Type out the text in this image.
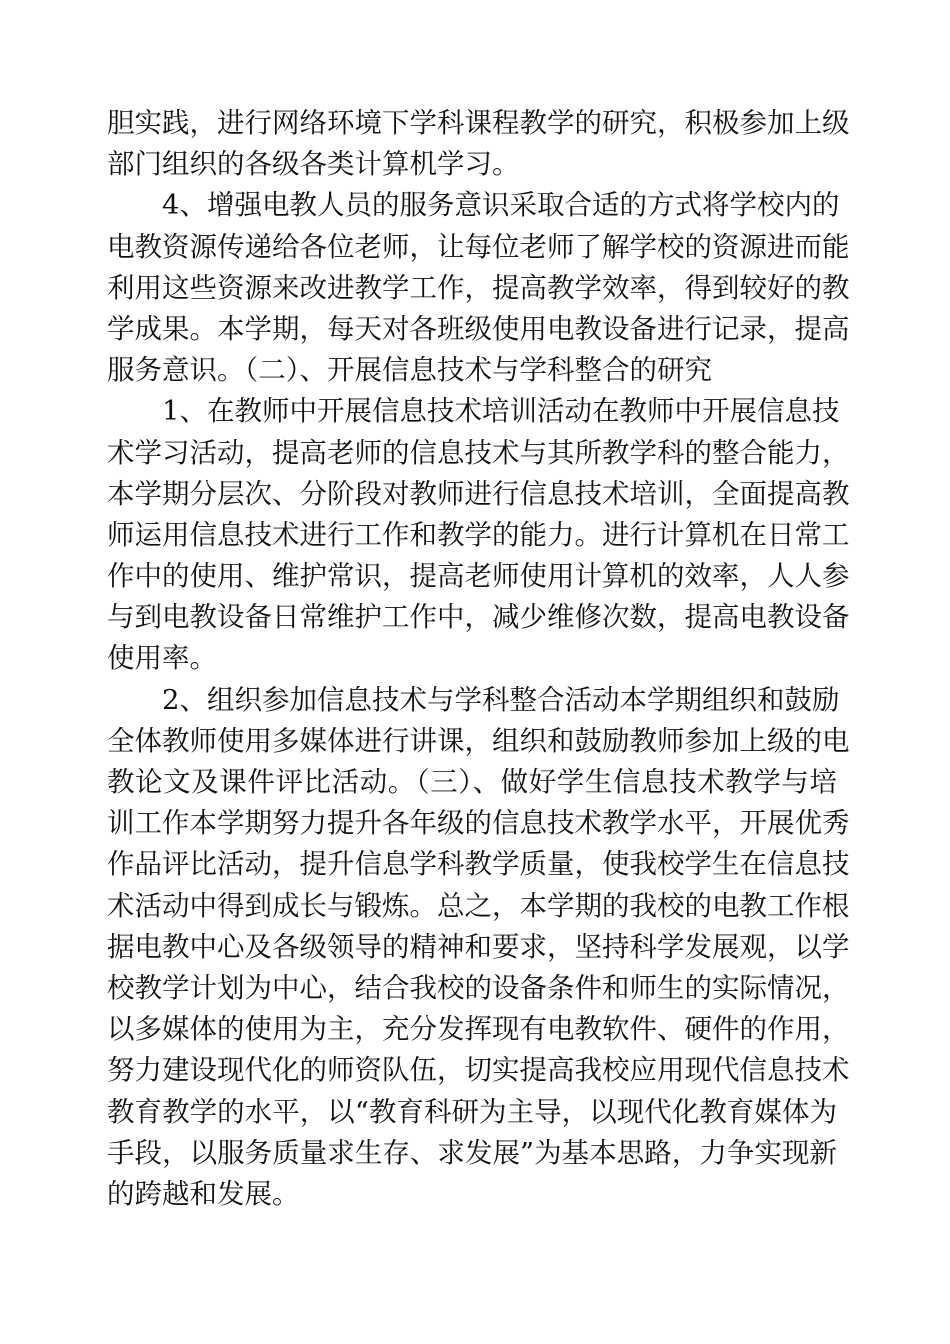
胆实践，进行网络环境下学科课程教学的研究，积极参加上级
部门组织的各级各类计算机学习。
4、增强电教人员的服务意识采取合适的方式将学校内的
电教资源传递给各位老师，让每位老师了解学校的资源进而能
利用这些资源来改进教学工作，提高教学效率，得到较好的教
学成果。本学期，每天对各班级使用电教设备进行记录，提高
服务意识。（二）、开展信息技术与学科整合的研究
1、在教师中开展信息技术培训活动在教师中开展信息技
术学习活动，提高老师的信息技术与其所教学科的整合能力，
本学期分层次、分阶段对教师进行信息技术培训，全面提高教
师运用信息技术进行工作和教学的能力。进行计算机在日常工
作中的使用、维护常识，提高老师使用计算机的效率，人人参
与到电教设备日常维护工作中，减少维修次数，提高电教设备
使用率。
2、组织参加信息技术与学科整合活动本学期组织和鼓励
全体教师使用多媒体进行讲课，组织和鼓励教师参加上级的电
教论文及课件评比活动。（三）、做好学生信息技术教学与培
训工作本学期努力提升各年级的信息技术教学水平，开展优秀
作品评比活动，提升信息学科教学质量，使我校学生在信息技
术活动中得到成长与锻炼。总之，本学期的我校的电教工作根
据电教中心及各级领导的精神和要求，坚持科学发展观，以学
校教学计划为中心，结合我校的设备条件和师生的实际情况，
以多媒体的使用为主，充分发挥现有电教软件、硬件的作用，
努力建设现代化的师资队伍，切实提高我校应用现代信息技术
教育教学的水平，以“教育科研为主导，以现代化教育媒体为
手段，以服务质量求生存、求发展”为基本思路，力争实现新
的跨越和发展。
